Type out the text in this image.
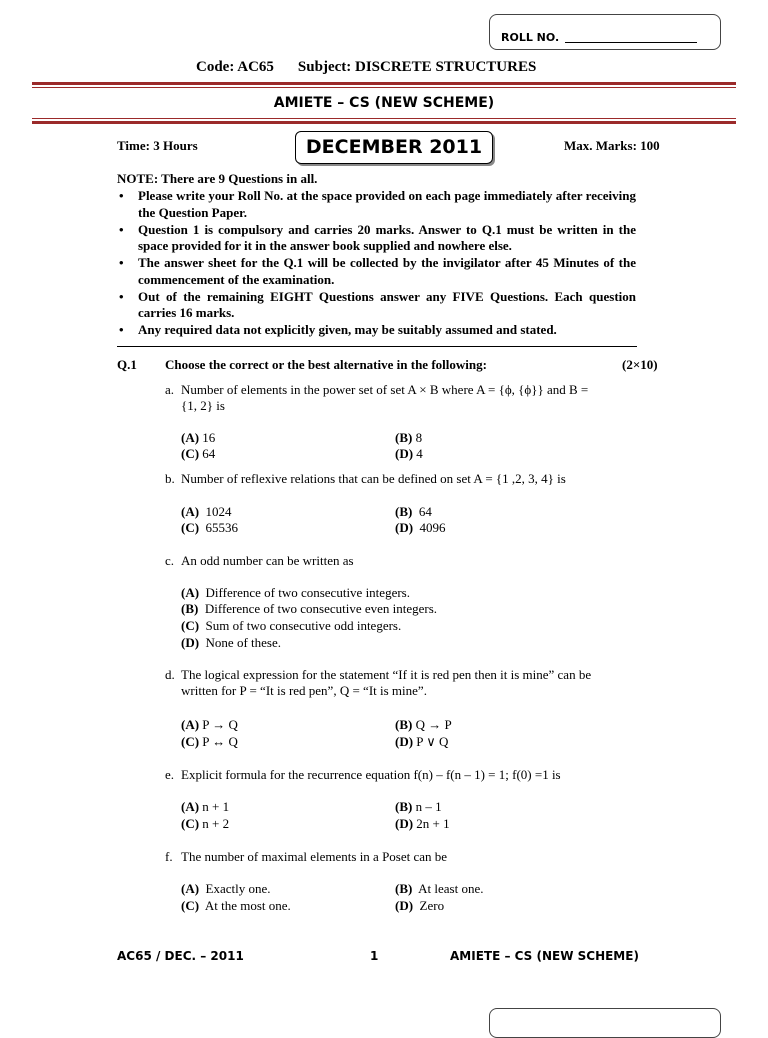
ROLL NO.
Code: AC65 Subject: DISCRETE STRUCTURES
AMIETE – CS (NEW SCHEME)
Time: 3 Hours	DECEMBER 2011	Max. Marks: 100
NOTE: There are 9 Questions in all.
• Please write your Roll No. at the space provided on each page immediately after receiving the Question Paper.
• Question 1 is compulsory and carries 20 marks. Answer to Q.1 must be written in the space provided for it in the answer book supplied and nowhere else.
• The answer sheet for the Q.1 will be collected by the invigilator after 45 Minutes of the commencement of the examination.
• Out of the remaining EIGHT Questions answer any FIVE Questions. Each question carries 16 marks.
• Any required data not explicitly given, may be suitably assumed and stated.
Q.1 Choose the correct or the best alternative in the following:	(2×10)
a. Number of elements in the power set of set A × B where A = {ϕ, {ϕ}} and B =
{1, 2} is
(A) 16	(B) 8
(C) 64	(D) 4
b. Number of reflexive relations that can be defined on set A = {1 ,2, 3, 4} is
(A) 1024	(B) 64
(C) 65536	(D) 4096
c. An odd number can be written as
(A) Difference of two consecutive integers.
(B) Difference of two consecutive even integers.
(C) Sum of two consecutive odd integers.
(D) None of these.
d. The logical expression for the statement “If it is red pen then it is mine” can be
written for P = “It is red pen”, Q = “It is mine”.
(A) P → Q	(B) Q → P
(C) P ↔ Q	(D) P ∨ Q
e. Explicit formula for the recurrence equation f(n) – f(n – 1) = 1; f(0) =1 is
(A) n + 1	(B) n – 1
(C) n + 2	(D) 2n + 1
f. The number of maximal elements in a Poset can be
(A) Exactly one.	(B) At least one.
(C) At the most one.	(D) Zero
AC65 / DEC. – 2011	1	AMIETE – CS (NEW SCHEME)
